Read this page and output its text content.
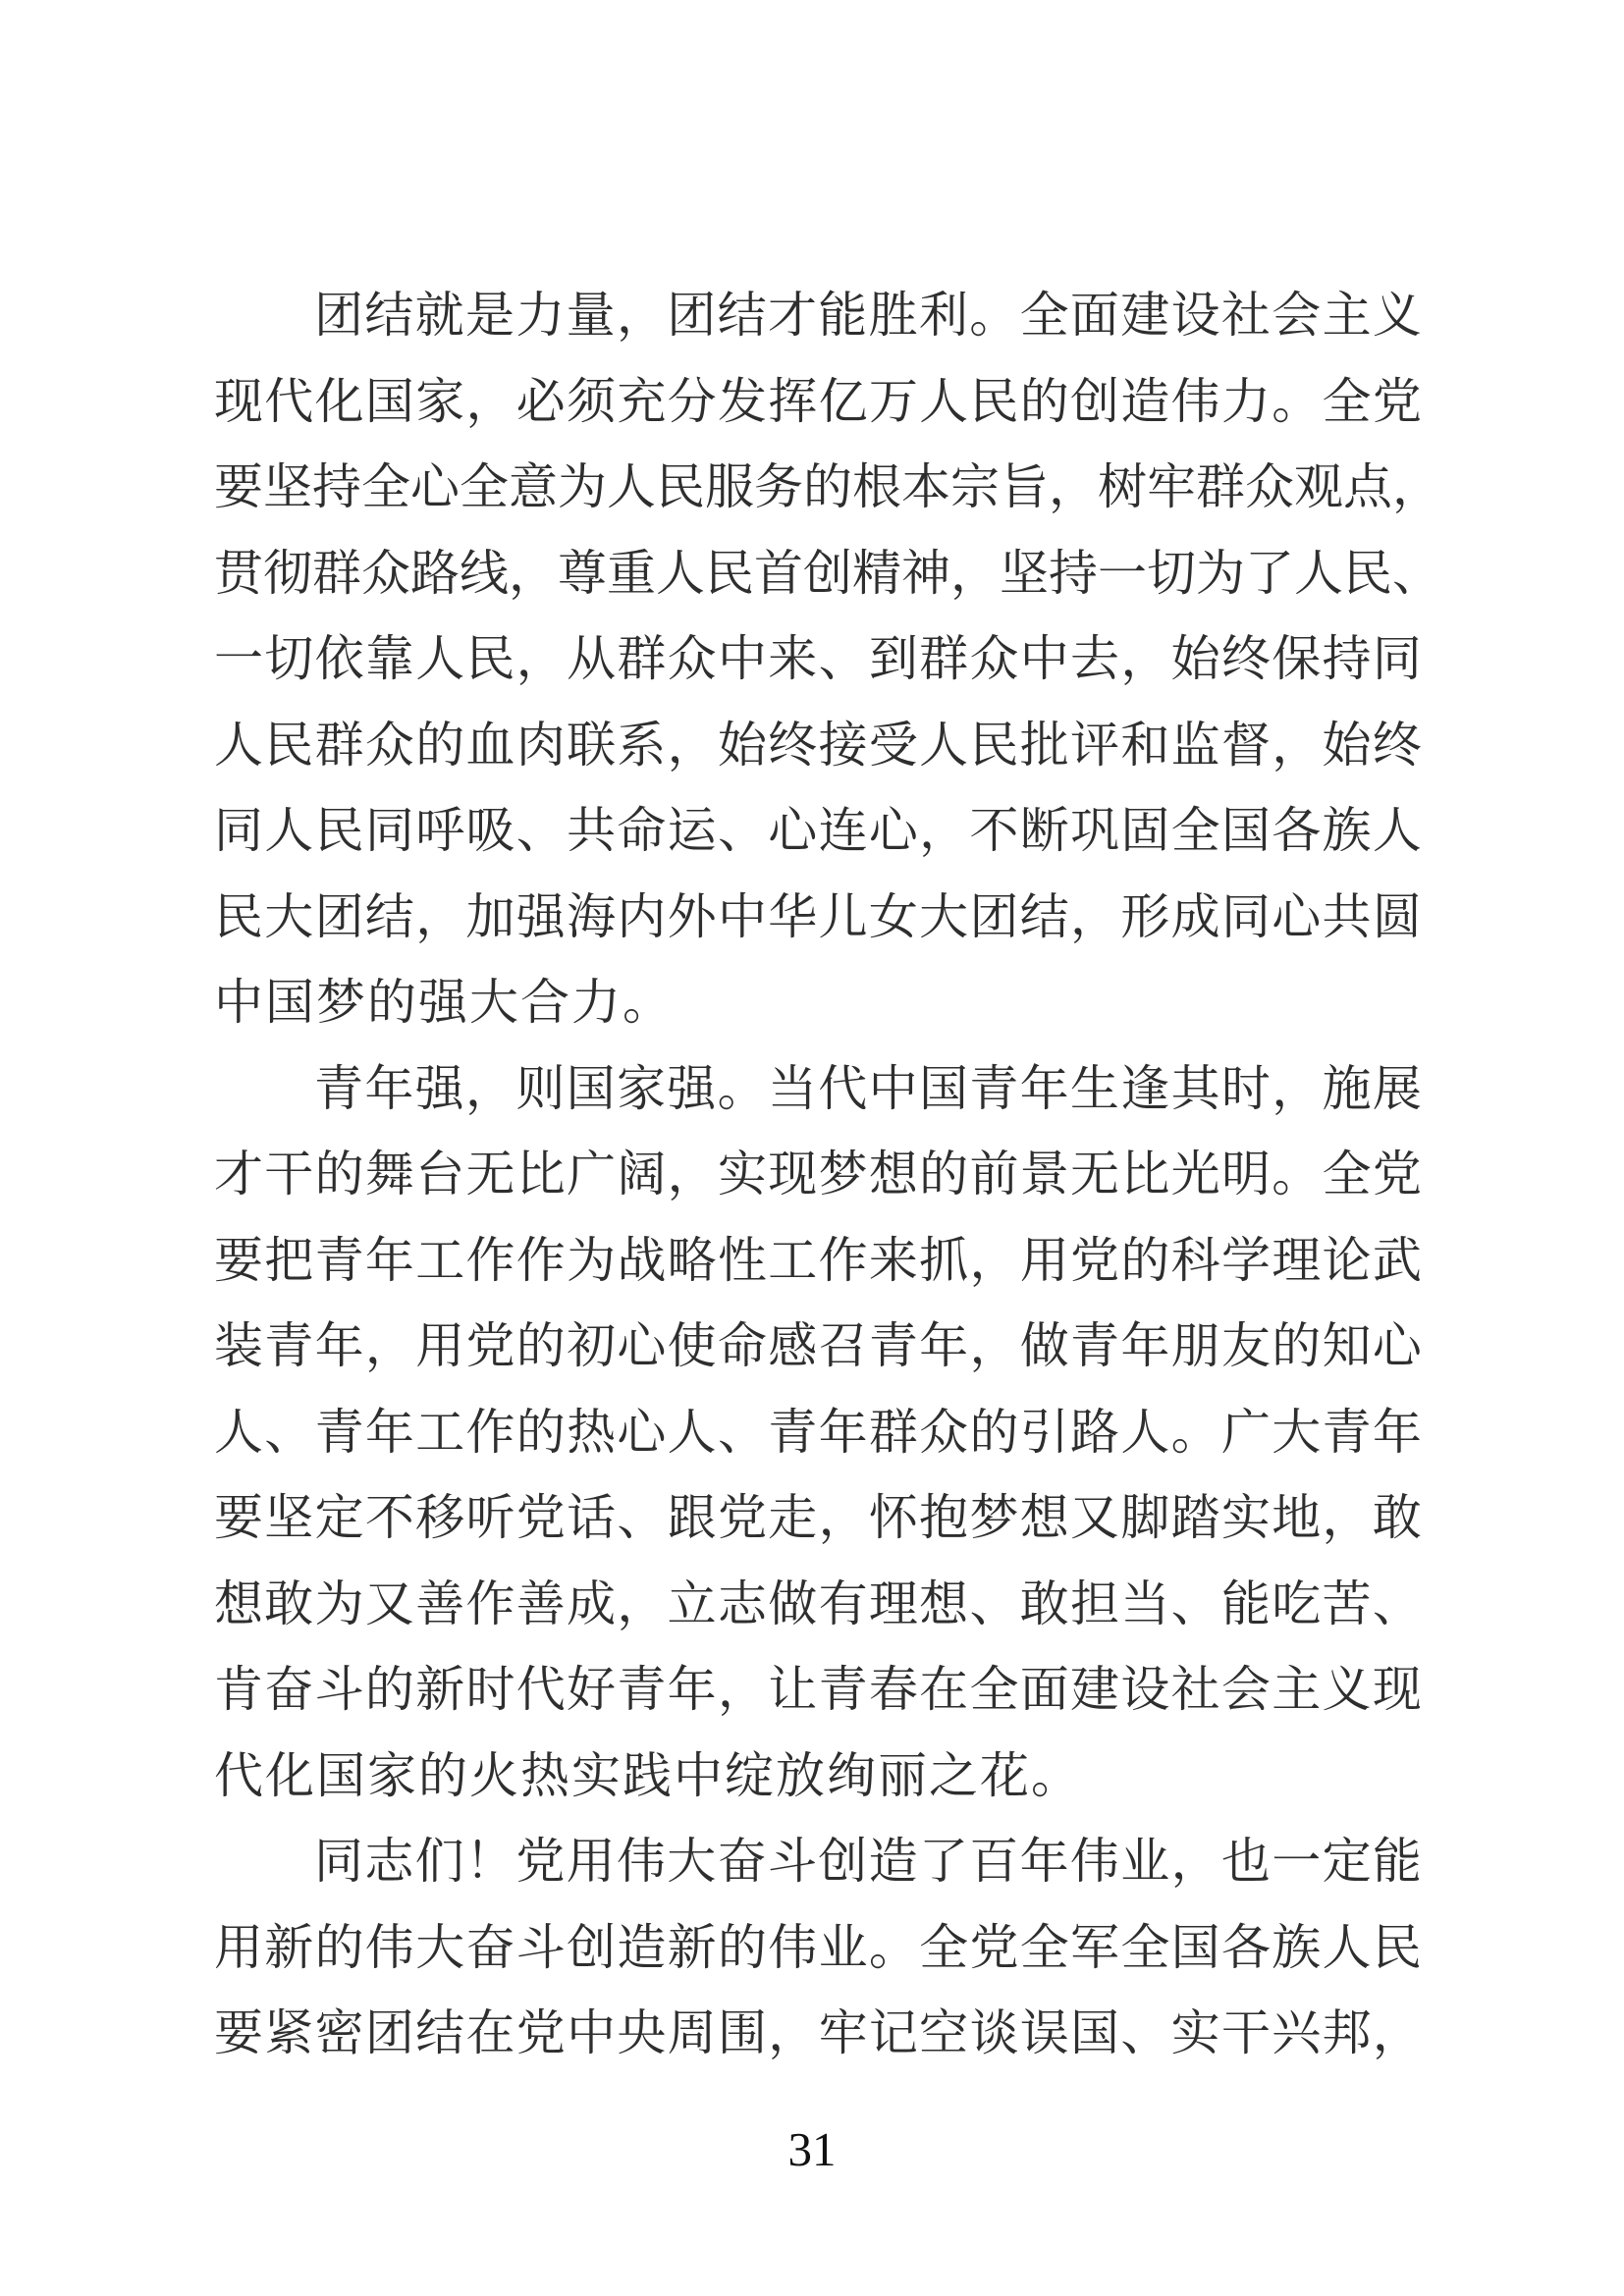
团 结 就 是 力 量 ， 团 结 才 能 胜 利 。 全 面 建 设 社 会 主 义
现 代 化 国 家 ， 必 须 充 分 发 挥 亿 万 人 民 的 创 造 伟 力 。 全 党
要 坚 持 全 心 全 意 为 人 民 服 务 的 根 本 宗 旨 ， 树 牢 群 众 观 点 ，
贯 彻 群 众 路 线 ， 尊 重 人 民 首 创 精 神 ， 坚 持 一 切 为 了 人 民 、
一 切 依 靠 人 民 ， 从 群 众 中 来 、 到 群 众 中 去 ， 始 终 保 持 同
人 民 群 众 的 血 肉 联 系 ， 始 终 接 受 人 民 批 评 和 监 督 ， 始 终
同 人 民 同 呼 吸 、 共 命 运 、 心 连 心 ， 不 断 巩 固 全 国 各 族 人
民 大 团 结 ， 加 强 海 内 外 中 华 儿 女 大 团 结 ， 形 成 同 心 共 圆
中国梦的强大合力。
青 年 强 ， 则 国 家 强 。 当 代 中 国 青 年 生 逢 其 时 ， 施 展
才 干 的 舞 台 无 比 广 阔 ， 实 现 梦 想 的 前 景 无 比 光 明 。 全 党
要 把 青 年 工 作 作 为 战 略 性 工 作 来 抓 ， 用 党 的 科 学 理 论 武
装 青 年 ， 用 党 的 初 心 使 命 感 召 青 年 ， 做 青 年 朋 友 的 知 心
人 、 青 年 工 作 的 热 心 人 、 青 年 群 众 的 引 路 人 。 广 大 青 年
要 坚 定 不 移 听 党 话 、 跟 党 走 ， 怀 抱 梦 想 又 脚 踏 实 地 ， 敢
想 敢 为 又 善 作 善 成 ， 立 志 做 有 理 想 、 敢 担 当 、 能 吃 苦 、
肯 奋 斗 的 新 时 代 好 青 年 ， 让 青 春 在 全 面 建 设 社 会 主 义 现
代化国家的火热实践中绽放绚丽之花。
同 志 们 ！ 党 用 伟 大 奋 斗 创 造 了 百 年 伟 业 ， 也 一 定 能
用 新 的 伟 大 奋 斗 创 造 新 的 伟 业 。 全 党 全 军 全 国 各 族 人 民
要 紧 密 团 结 在 党 中 央 周 围 ， 牢 记 空 谈 误 国 、 实 干 兴 邦 ，
31
